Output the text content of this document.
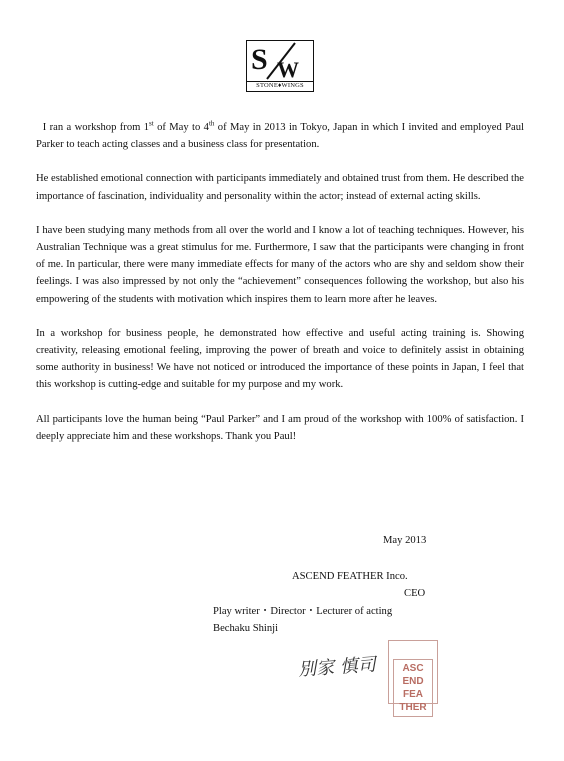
S W
STONE♦WINGS

I ran a workshop from 1st of May to 4th of May in 2013 in Tokyo, Japan in which I invited and employed Paul Parker to teach acting classes and a business class for presentation.

He established emotional connection with participants immediately and obtained trust from them. He described the importance of fascination, individuality and personality within the actor; instead of external acting skills.

I have been studying many methods from all over the world and I know a lot of teaching techniques. However, his Australian Technique was a great stimulus for me. Furthermore, I saw that the participants were changing in front of me. In particular, there were many immediate effects for many of the actors who are shy and seldom show their feelings. I was also impressed by not only the “achievement” consequences following the workshop, but also his empowering of the students with motivation which inspires them to learn more after he leaves.

In a workshop for business people, he demonstrated how effective and useful acting training is. Showing creativity, releasing emotional feeling, improving the power of breath and voice to definitely assist in obtaining some authority in business! We have not noticed or introduced the importance of these points in Japan, I feel that this workshop is cutting-edge and suitable for my purpose and my work.

All participants love the human being “Paul Parker” and I am proud of the workshop with 100% of satisfaction. I deeply appreciate him and these workshops. Thank you Paul!

May 2013
ASCEND FEATHER Inco.
CEO
Play writer・Director・Lecturer of acting
Bechaku Shinji
別家 慎司
	ASC
END
FEA
THER
